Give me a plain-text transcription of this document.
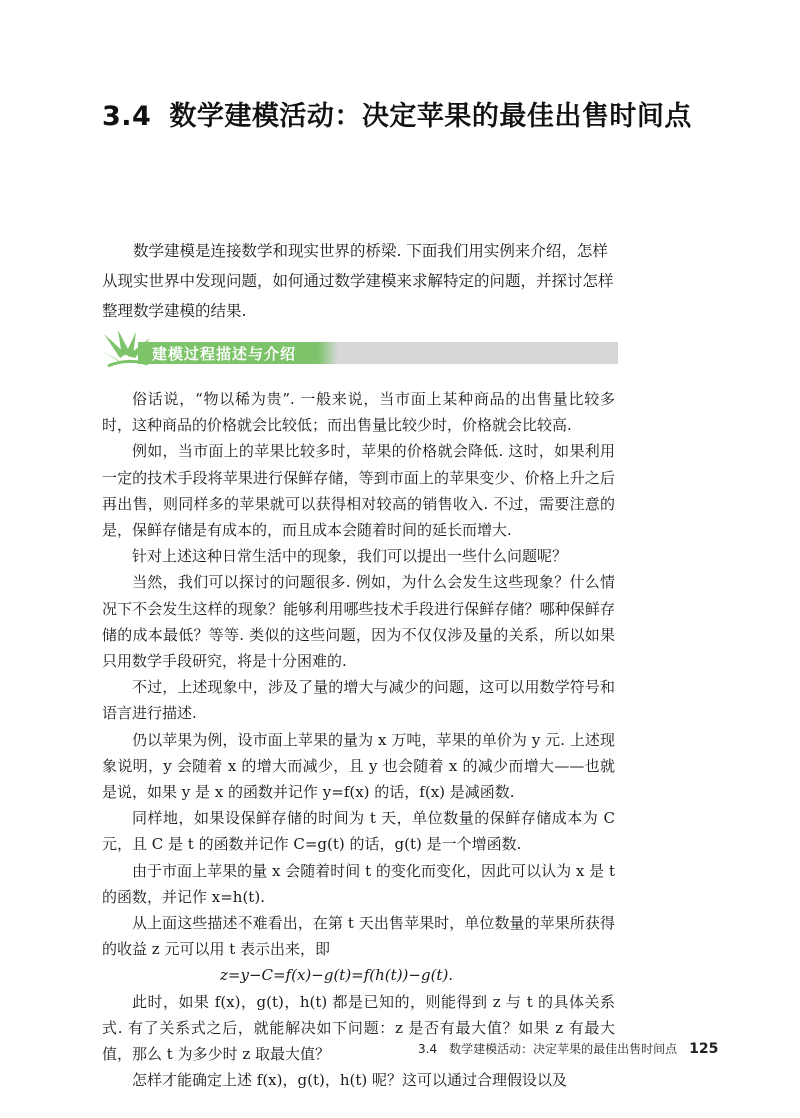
3.4 数学建模活动：决定苹果的最佳出售时间点

数学建模是连接数学和现实世界的桥梁. 下面我们用实例来介绍，怎样从现实世界中发现问题，如何通过数学建模来求解特定的问题，并探讨怎样整理数学建模的结果.

建模过程描述与介绍

俗话说，“物以稀为贵”. 一般来说，当市面上某种商品的出售量比较多时，这种商品的价格就会比较低；而出售量比较少时，价格就会比较高.

例如，当市面上的苹果比较多时，苹果的价格就会降低. 这时，如果利用一定的技术手段将苹果进行保鲜存储，等到市面上的苹果变少、价格上升之后再出售，则同样多的苹果就可以获得相对较高的销售收入. 不过，需要注意的是，保鲜存储是有成本的，而且成本会随着时间的延长而增大.

针对上述这种日常生活中的现象，我们可以提出一些什么问题呢？

当然，我们可以探讨的问题很多. 例如，为什么会发生这些现象？什么情况下不会发生这样的现象？能够利用哪些技术手段进行保鲜存储？哪种保鲜存储的成本最低？等等. 类似的这些问题，因为不仅仅涉及量的关系，所以如果只用数学手段研究，将是十分困难的.

不过，上述现象中，涉及了量的增大与减少的问题，这可以用数学符号和语言进行描述.

仍以苹果为例，设市面上苹果的量为 x 万吨，苹果的单价为 y 元. 上述现象说明，y 会随着 x 的增大而减少，且 y 也会随着 x 的减少而增大——也就是说，如果 y 是 x 的函数并记作 y=f(x) 的话，f(x) 是减函数.

同样地，如果设保鲜存储的时间为 t 天，单位数量的保鲜存储成本为 C 元，且 C 是 t 的函数并记作 C=g(t) 的话，g(t) 是一个增函数.

由于市面上苹果的量 x 会随着时间 t 的变化而变化，因此可以认为 x 是 t 的函数，并记作 x=h(t).

从上面这些描述不难看出，在第 t 天出售苹果时，单位数量的苹果所获得的收益 z 元可以用 t 表示出来，即

z=y−C=f(x)−g(t)=f(h(t))−g(t).

此时，如果 f(x)，g(t)，h(t) 都是已知的，则能得到 z 与 t 的具体关系式. 有了关系式之后，就能解决如下问题：z 是否有最大值？如果 z 有最大值，那么 t 为多少时 z 取最大值？

怎样才能确定上述 f(x)，g(t)，h(t) 呢？这可以通过合理假设以及

3.4　数学建模活动：决定苹果的最佳出售时间点 125
